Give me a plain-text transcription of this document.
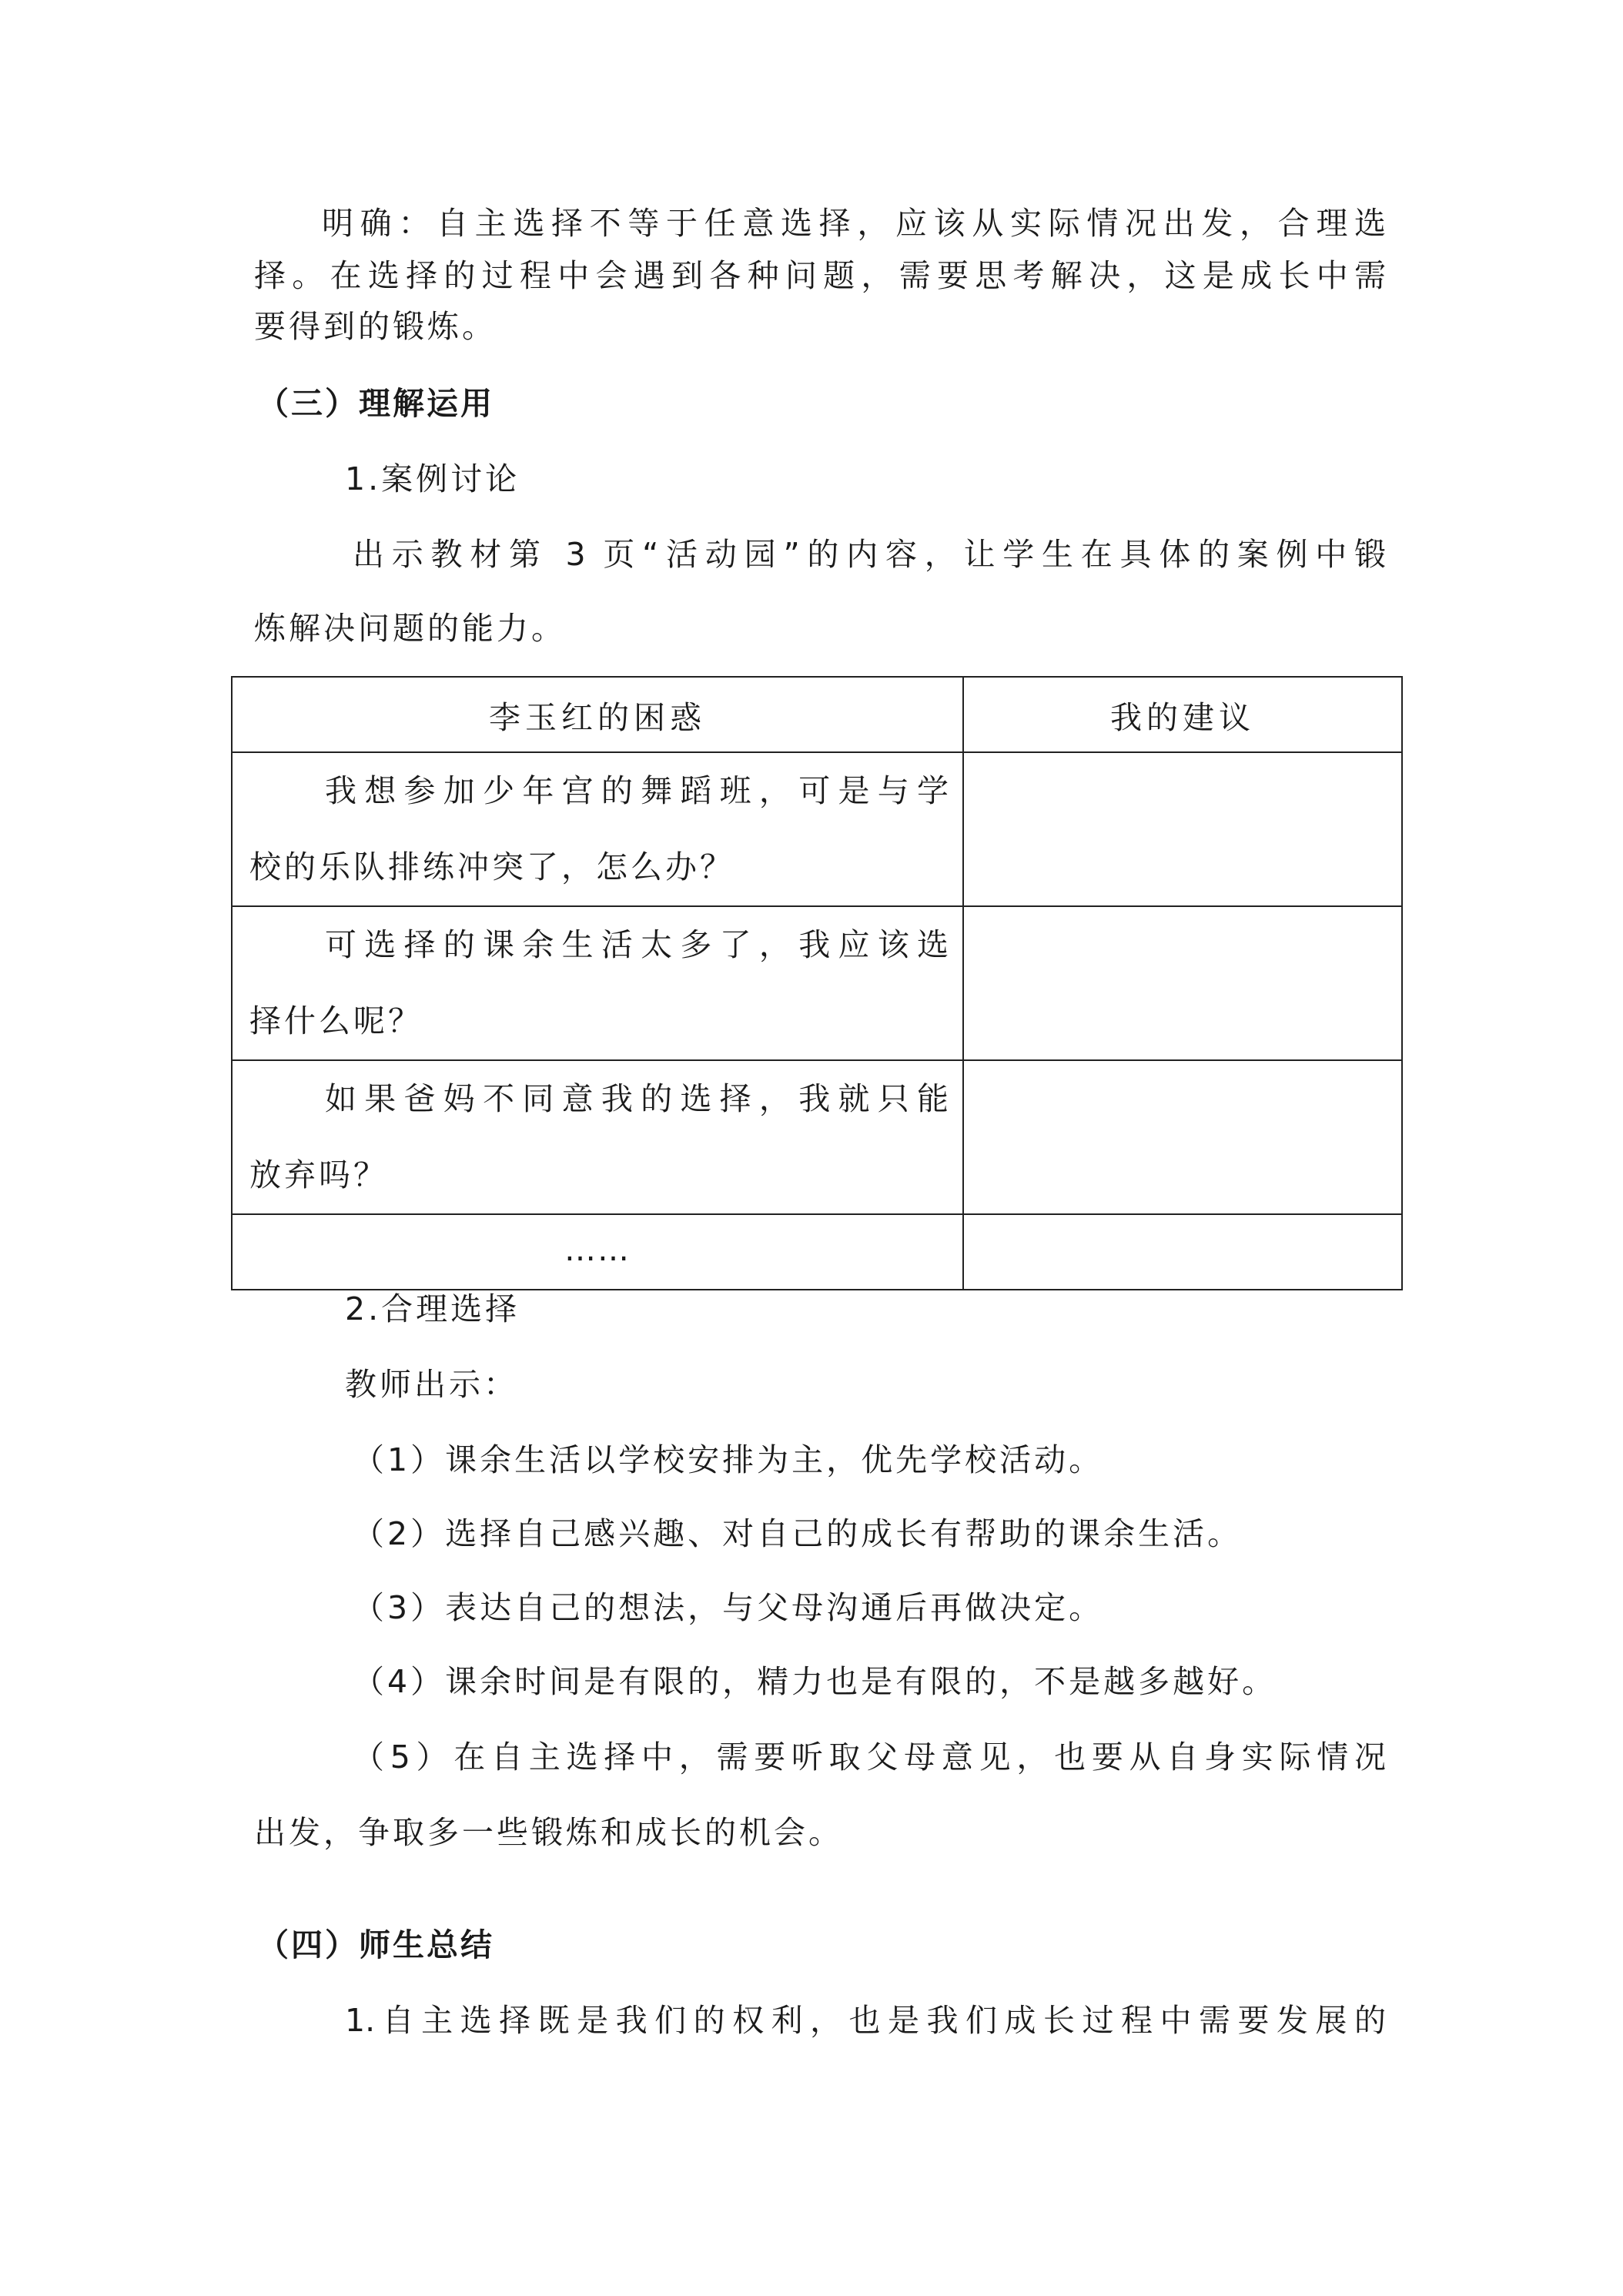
明确：自主选择不等于任意选择，应该从实际情况出发，合理选
择。在选择的过程中会遇到各种问题，需要思考解决，这是成长中需
要得到的锻炼。
（三）理解运用
1.案例讨论
出示教材第 3 页“活动园”的内容，让学生在具体的案例中锻
炼解决问题的能力。
李玉红的困惑	我的建议

我想参加少年宫的舞蹈班，可是与学
校的乐队排练冲突了，怎么办？	

可选择的课余生活太多了，我应该选
择什么呢？	

如果爸妈不同意我的选择，我就只能
放弃吗？	

……	

2.合理选择
教师出示：
（1）课余生活以学校安排为主，优先学校活动。
（2）选择自己感兴趣、对自己的成长有帮助的课余生活。
（3）表达自己的想法，与父母沟通后再做决定。
（4）课余时间是有限的，精力也是有限的，不是越多越好。
（5）在自主选择中，需要听取父母意见，也要从自身实际情况
出发，争取多一些锻炼和成长的机会。
（四）师生总结
1.自主选择既是我们的权利，也是我们成长过程中需要发展的
